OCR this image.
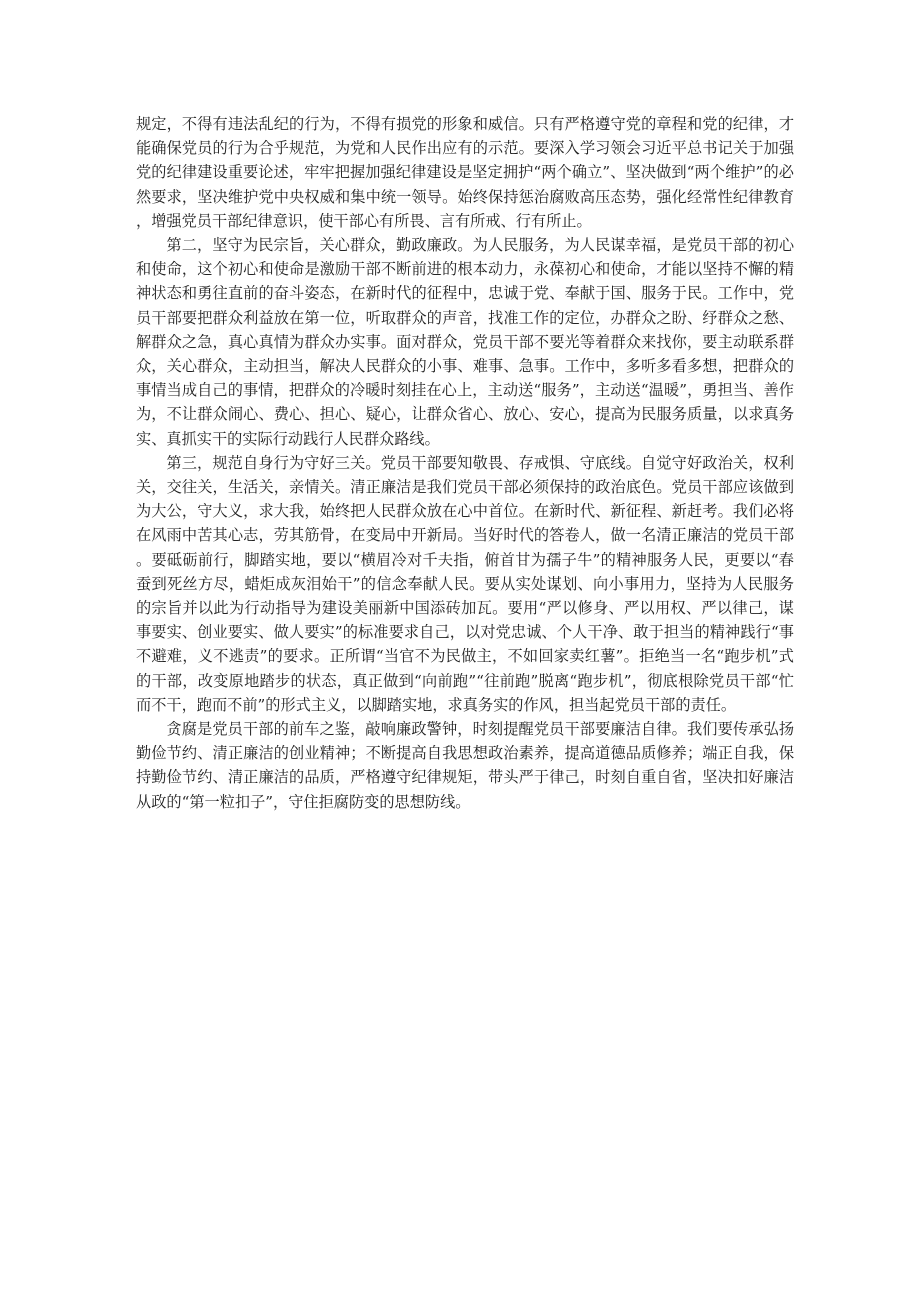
规定，不得有违法乱纪的行为，不得有损党的形象和威信。只有严格遵守党的章程和党的纪律，才能确保党员的行为合乎规范，为党和人民作出应有的示范。要深入学习领会习近平总书记关于加强党的纪律建设重要论述，牢牢把握加强纪律建设是坚定拥护“两个确立”、坚决做到“两个维护”的必然要求，坚决维护党中央权威和集中统一领导。始终保持惩治腐败高压态势，强化经常性纪律教育，增强党员干部纪律意识，使干部心有所畏、言有所戒、行有所止。

第二，坚守为民宗旨，关心群众，勤政廉政。为人民服务，为人民谋幸福，是党员干部的初心和使命，这个初心和使命是激励干部不断前进的根本动力，永葆初心和使命，才能以坚持不懈的精神状态和勇往直前的奋斗姿态，在新时代的征程中，忠诚于党、奉献于国、服务于民。工作中，党员干部要把群众利益放在第一位，听取群众的声音，找准工作的定位，办群众之盼、纾群众之愁、解群众之急，真心真情为群众办实事。面对群众，党员干部不要光等着群众来找你，要主动联系群众，关心群众，主动担当，解决人民群众的小事、难事、急事。工作中，多听多看多想，把群众的事情当成自己的事情，把群众的冷暖时刻挂在心上，主动送“服务”，主动送“温暖”，勇担当、善作为，不让群众闹心、费心、担心、疑心，让群众省心、放心、安心，提高为民服务质量，以求真务实、真抓实干的实际行动践行人民群众路线。

第三，规范自身行为守好三关。党员干部要知敬畏、存戒惧、守底线。自觉守好政治关，权利关，交往关，生活关，亲情关。清正廉洁是我们党员干部必须保持的政治底色。党员干部应该做到为大公，守大义，求大我，始终把人民群众放在心中首位。在新时代、新征程、新赶考。我们必将在风雨中苦其心志，劳其筋骨，在变局中开新局。当好时代的答卷人，做一名清正廉洁的党员干部。要砥砺前行，脚踏实地，要以“横眉冷对千夫指，俯首甘为孺子牛”的精神服务人民，更要以“春蚕到死丝方尽，蜡炬成灰泪始干”的信念奉献人民。要从实处谋划、向小事用力，坚持为人民服务的宗旨并以此为行动指导为建设美丽新中国添砖加瓦。要用“严以修身、严以用权、严以律己，谋事要实、创业要实、做人要实”的标准要求自己，以对党忠诚、个人干净、敢于担当的精神践行“事不避难，义不逃责”的要求。正所谓“当官不为民做主，不如回家卖红薯”。拒绝当一名“跑步机”式的干部，改变原地踏步的状态，真正做到“向前跑”“往前跑”脱离“跑步机”，彻底根除党员干部“忙而不干，跑而不前”的形式主义，以脚踏实地，求真务实的作风，担当起党员干部的责任。

贪腐是党员干部的前车之鉴，敲响廉政警钟，时刻提醒党员干部要廉洁自律。我们要传承弘扬勤俭节约、清正廉洁的创业精神；不断提高自我思想政治素养，提高道德品质修养；端正自我，保持勤俭节约、清正廉洁的品质，严格遵守纪律规矩，带头严于律己，时刻自重自省，坚决扣好廉洁从政的“第一粒扣子”，守住拒腐防变的思想防线。
